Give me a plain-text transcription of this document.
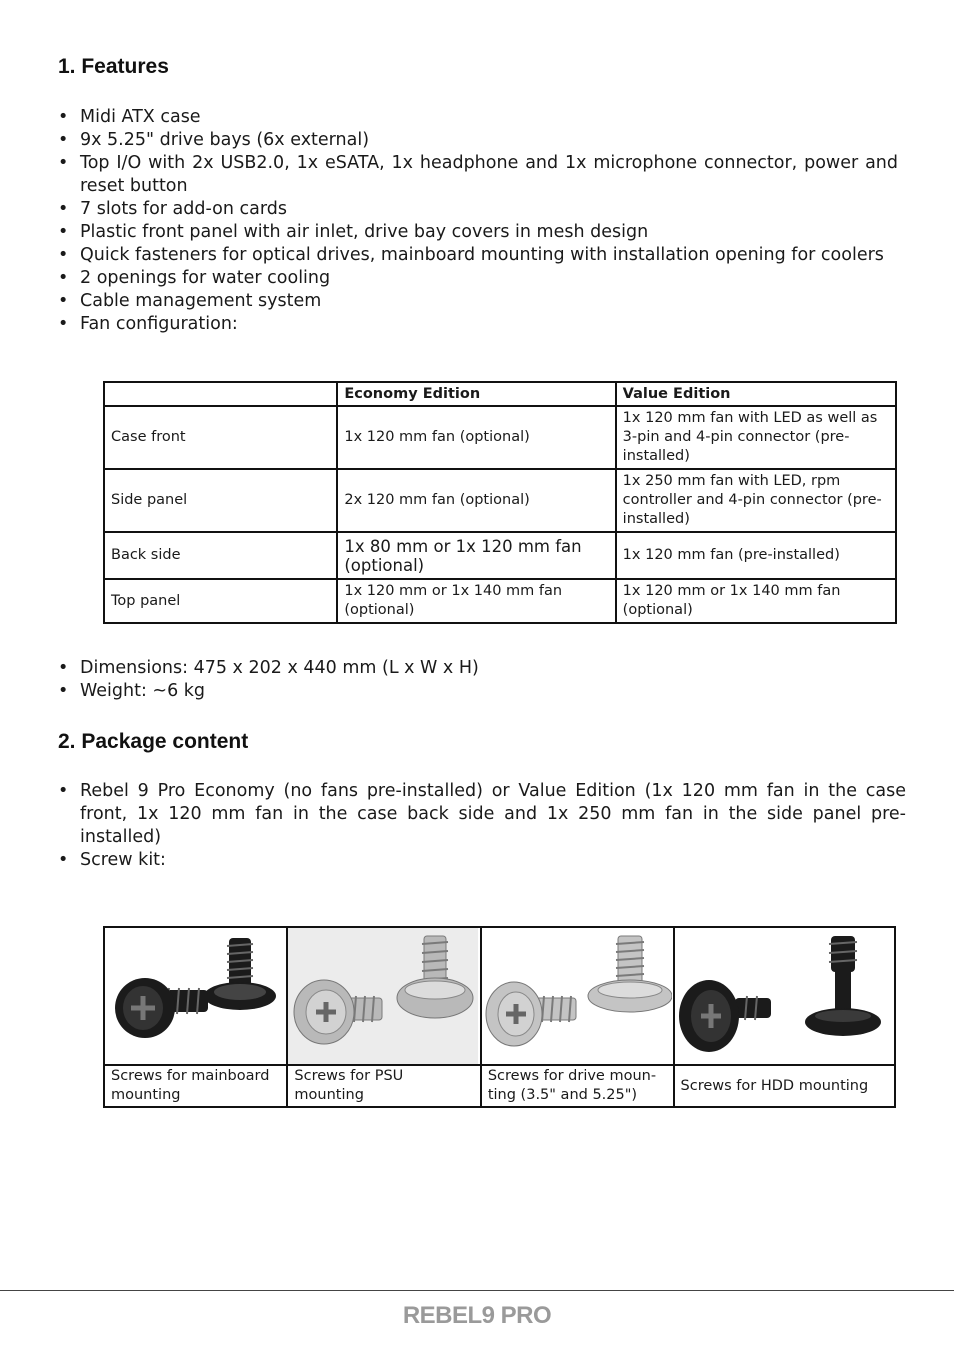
1. Features
• Midi ATX case
• 9x 5.25" drive bays (6x external)
• Top I/O with 2x USB2.0, 1x eSATA, 1x headphone and 1x microphone connector, power and reset button
• 7 slots for add-on cards
• Plastic front panel with air inlet, drive bay covers in mesh design
• Quick fasteners for optical drives, mainboard mounting with installation opening for coolers
• 2 openings for water cooling
• Cable management system
• Fan configuration:
	Economy Edition	Value Edition
Case front	1x 120 mm fan (optional)	1x 120 mm fan with LED as well as 3-pin and 4-pin connector (pre-installed)
Side panel	2x 120 mm fan (optional)	1x 250 mm fan with LED, rpm controller and 4-pin connector (pre-installed)
Back side	1x 80 mm or 1x 120 mm fan (optional)	1x 120 mm fan (pre-installed)
Top panel	1x 120 mm or 1x 140 mm fan (optional)	1x 120 mm or 1x 140 mm fan (optional)
• Dimensions: 475 x 202 x 440 mm (L x W x H)
• Weight: ~6 kg
2. Package content
• Rebel 9 Pro Economy (no fans pre-installed) or Value Edition (1x 120 mm fan in the case front, 1x 120 mm fan in the case back side and 1x 250 mm fan in the side panel pre-installed)
• Screw kit:

Screws for mainboard mounting	Screws for PSU mounting	Screws for drive moun-ting (3.5" and 5.25")	Screws for HDD mounting
REBEL9 PRO
